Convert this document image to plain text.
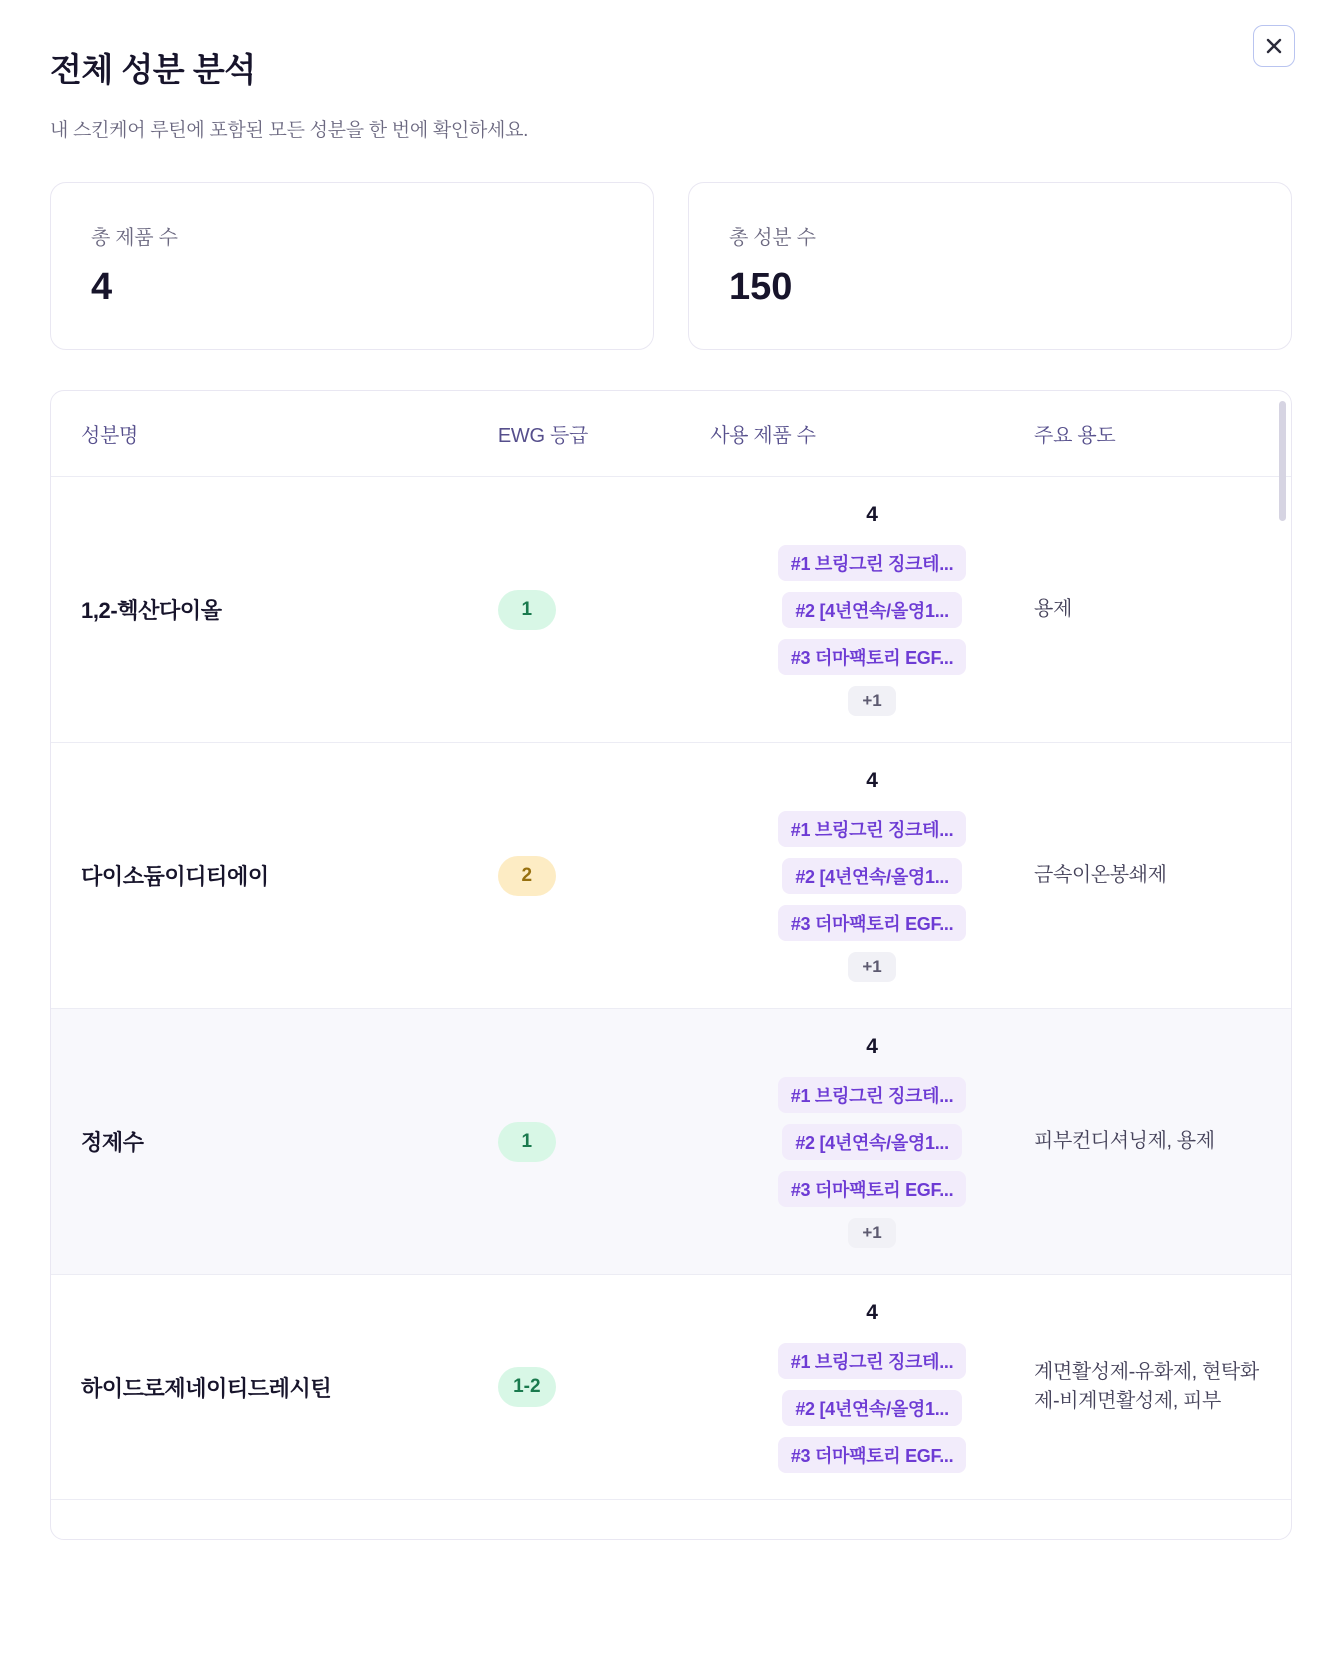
전체 성분 분석
내 스킨케어 루틴에 포함된 모든 성분을 한 번에 확인하세요.
총 제품 수
4
총 성분 수
150
성분명	EWG 등급	사용 제품 수	주요 용도
1,2-헥산다이올	1	4
#1 브링그린 징크테...
#2 [4년연속/올영1...
#3 더마팩토리 EGF...
+1	용제
다이소듐이디티에이	2	4
#1 브링그린 징크테...
#2 [4년연속/올영1...
#3 더마팩토리 EGF...
+1	금속이온봉쇄제
정제수	1	4
#1 브링그린 징크테...
#2 [4년연속/올영1...
#3 더마팩토리 EGF...
+1	피부컨디셔닝제, 용제
하이드로제네이티드레시틴	1-2	4
#1 브링그린 징크테...
#2 [4년연속/올영1...
#3 더마팩토리 EGF...	계면활성제-유화제, 현탁화제-비계면활성제, 피부
